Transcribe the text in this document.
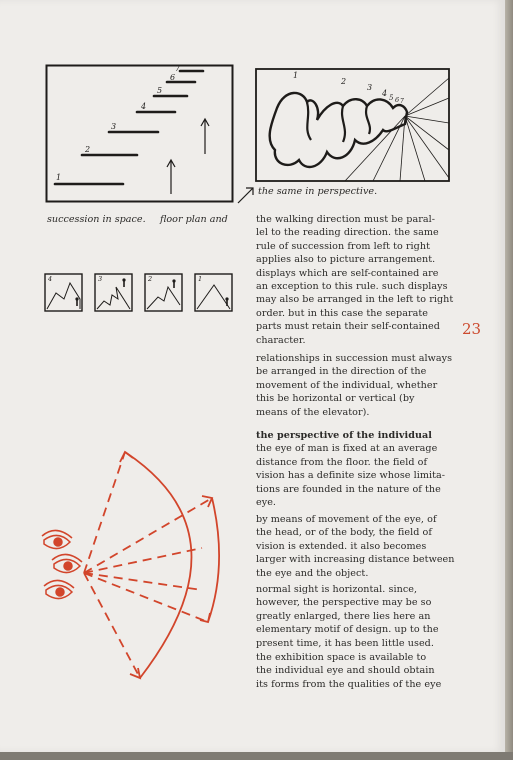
1
2
3
4
5
6
7
1
2
3
4 5 6 7
the same in perspective.
succession in space. floor plan and
4	3	2	1
23
the walking direction must be paral-
lel to the reading direction. the same
rule of succession from left to right
applies also to picture arrangement.
displays which are self-contained are
an exception to this rule. such displays
may also be arranged in the left to right
order. but in this case the separate
parts must retain their self-contained
character.
relationships in succession must always
be arranged in the direction of the
movement of the individual, whether
this be horizontal or vertical (by
means of the elevator).
the perspective of the individual
the eye of man is fixed at an average
distance from the floor. the field of
vision has a definite size whose limita-
tions are founded in the nature of the
eye.
by means of movement of the eye, of
the head, or of the body, the field of
vision is extended. it also becomes
larger with increasing distance between
the eye and the object.
normal sight is horizontal. since,
however, the perspective may be so
greatly enlarged, there lies here an
elementary motif of design. up to the
present time, it has been little used.
the exhibition space is available to
the individual eye and should obtain
its forms from the qualities of the eye
